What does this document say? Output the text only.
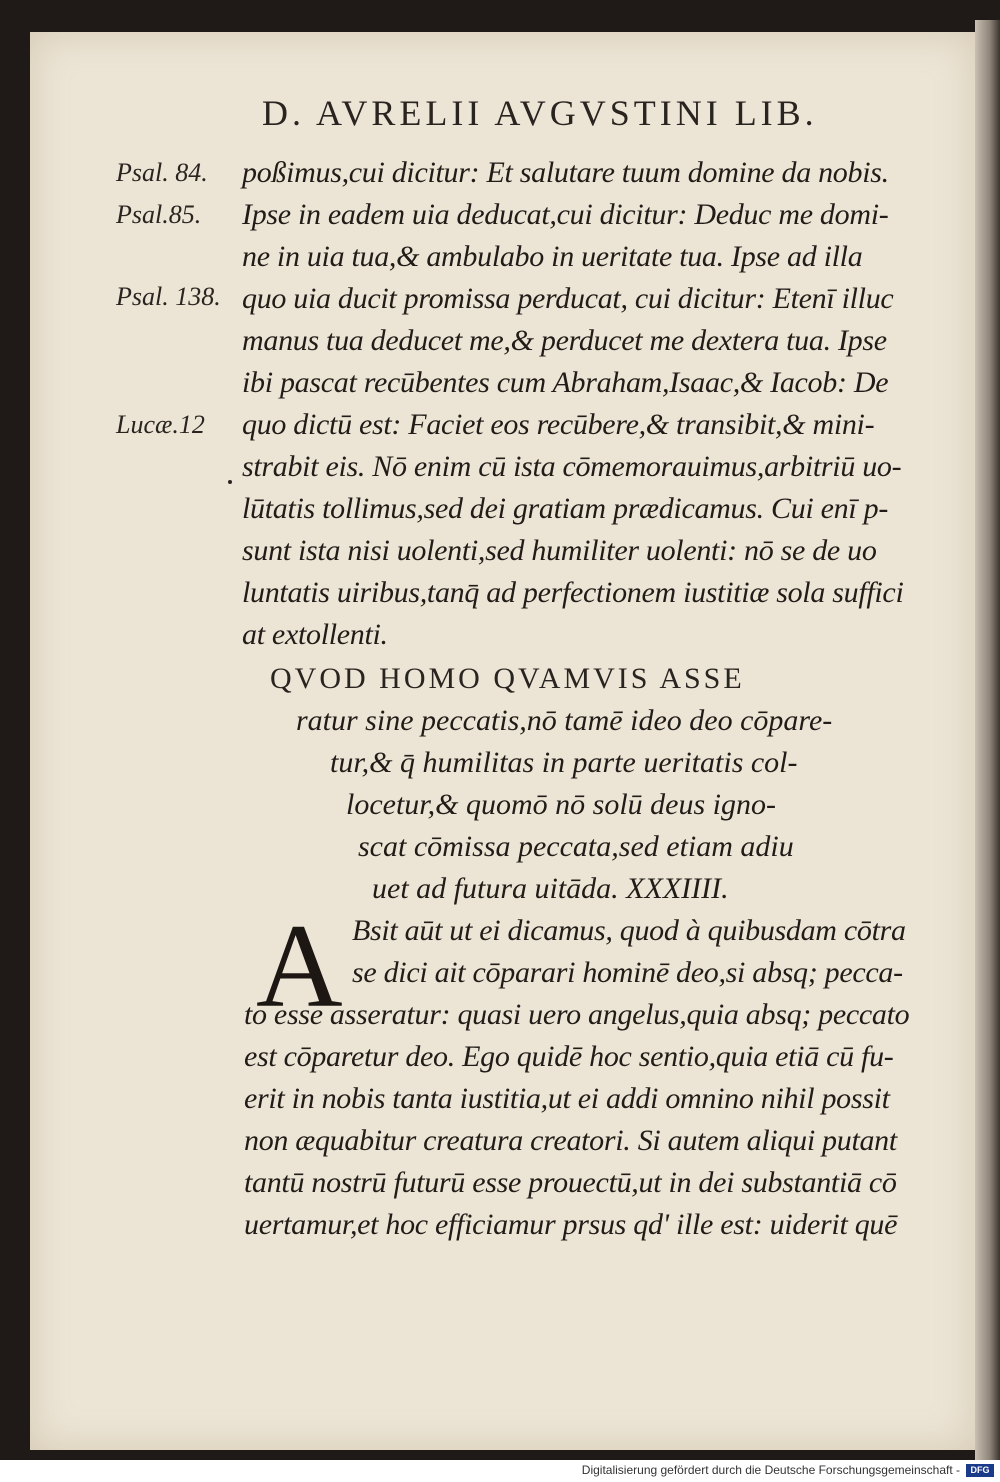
D. AVRELII AVGVSTINI LIB.
Psal. 84.
Psal.85.
Psal. 138.
Lucæ.12
poßimus,cui dicitur: Et salutare tuum domine da nobis.
Ipse in eadem uia deducat,cui dicitur: Deduc me domi-
ne in uia tua,& ambulabo in ueritate tua. Ipse ad illa
quo uia ducit promissa perducat, cui dicitur: Etenī illuc
manus tua deducet me,& perducet me dextera tua. Ipse
ibi pascat recūbentes cum Abraham,Isaac,& Iacob: De
quo dictū est: Faciet eos recūbere,& transibit,& mini-
strabit eis. Nō enim cū ista cōmemorauimus,arbitriū uo-
lūtatis tollimus,sed dei gratiam prædicamus. Cui enī p-
sunt ista nisi uolenti,sed humiliter uolenti: nō se de uo
luntatis uiribus,tanq̄ ad perfectionem iustitiæ sola suffici
at extollenti.
QVOD HOMO QVAMVIS ASSE
ratur sine peccatis,nō tamē ideo deo cōpare-
tur,& q̄ humilitas in parte ueritatis col-
locetur,& quomō nō solū deus igno-
scat cōmissa peccata,sed etiam adiu
uet ad futura uitāda. XXXIIII.
A Bsit aūt ut ei dicamus, quod à quibusdam cōtra
se dici ait cōparari hominē deo,si absq; pecca-
to esse asseratur: quasi uero angelus,quia absq; peccato
est cōparetur deo. Ego quidē hoc sentio,quia etiā cū fu-
erit in nobis tanta iustitia,ut ei addi omnino nihil possit
non æquabitur creatura creatori. Si autem aliqui putant
tantū nostrū futurū esse prouectū,ut in dei substantiā cō
uertamur,et hoc efficiamur prsus qd' ille est: uiderit quē
Digitalisierung gefördert durch die Deutsche Forschungsgemeinschaft -	DFG
